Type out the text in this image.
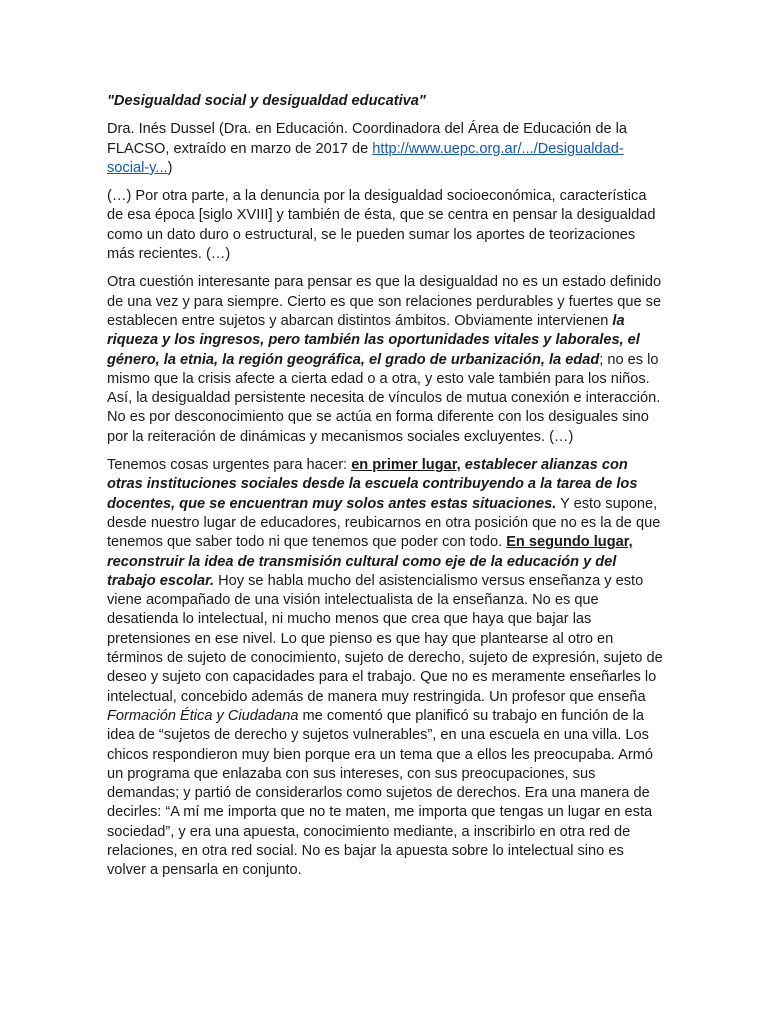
"Desigualdad social y desigualdad educativa"

Dra. Inés Dussel (Dra. en Educación. Coordinadora del Área de Educación de la FLACSO, extraído en marzo de 2017 de http://www.uepc.org.ar/.../Desigualdad-social-y...)

(…) Por otra parte, a la denuncia por la desigualdad socioeconómica, característica de esa época [siglo XVIII] y también de ésta, que se centra en pensar la desigualdad como un dato duro o estructural, se le pueden sumar los aportes de teorizaciones más recientes. (…)

Otra cuestión interesante para pensar es que la desigualdad no es un estado definido de una vez y para siempre. Cierto es que son relaciones perdurables y fuertes que se establecen entre sujetos y abarcan distintos ámbitos. Obviamente intervienen la riqueza y los ingresos, pero también las oportunidades vitales y laborales, el género, la etnia, la región geográfica, el grado de urbanización, la edad; no es lo mismo que la crisis afecte a cierta edad o a otra, y esto vale también para los niños. Así, la desigualdad persistente necesita de vínculos de mutua conexión e interacción. No es por desconocimiento que se actúa en forma diferente con los desiguales sino por la reiteración de dinámicas y mecanismos sociales excluyentes. (…)

Tenemos cosas urgentes para hacer: en primer lugar, establecer alianzas con otras instituciones sociales desde la escuela contribuyendo a la tarea de los docentes, que se encuentran muy solos antes estas situaciones. Y esto supone, desde nuestro lugar de educadores, reubicarnos en otra posición que no es la de que tenemos que saber todo ni que tenemos que poder con todo. En segundo lugar, reconstruir la idea de transmisión cultural como eje de la educación y del trabajo escolar. Hoy se habla mucho del asistencialismo versus enseñanza y esto viene acompañado de una visión intelectualista de la enseñanza. No es que desatienda lo intelectual, ni mucho menos que crea que haya que bajar las pretensiones en ese nivel. Lo que pienso es que hay que plantearse al otro en términos de sujeto de conocimiento, sujeto de derecho, sujeto de expresión, sujeto de deseo y sujeto con capacidades para el trabajo. Que no es meramente enseñarles lo intelectual, concebido además de manera muy restringida. Un profesor que enseña Formación Ética y Ciudadana me comentó que planificó su trabajo en función de la idea de “sujetos de derecho y sujetos vulnerables”, en una escuela en una villa. Los chicos respondieron muy bien porque era un tema que a ellos les preocupaba. Armó un programa que enlazaba con sus intereses, con sus preocupaciones, sus demandas; y partió de considerarlos como sujetos de derechos. Era una manera de decirles: “A mí me importa que no te maten, me importa que tengas un lugar en esta sociedad”, y era una apuesta, conocimiento mediante, a inscribirlo en otra red de relaciones, en otra red social. No es bajar la apuesta sobre lo intelectual sino es volver a pensarla en conjunto.
